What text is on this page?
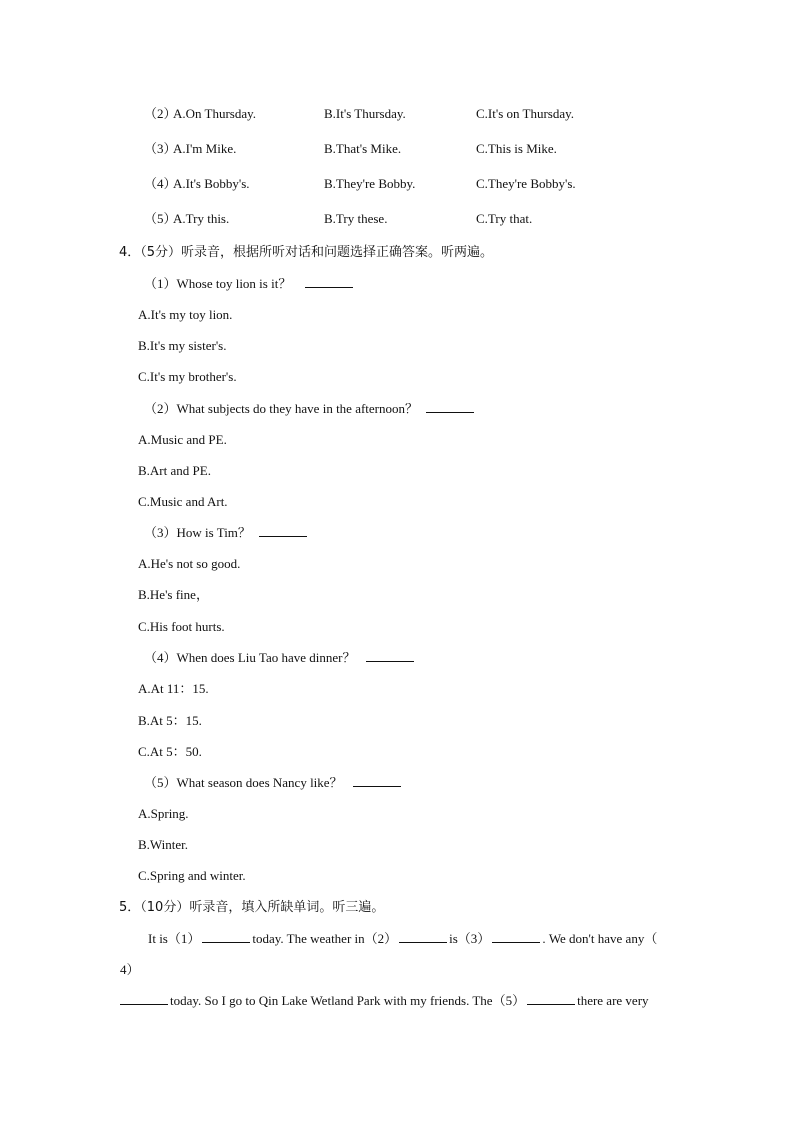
（2）
A.On Thursday.	B.It's Thursday.	C.It's on Thursday.
（3）
A.I'm Mike.	B.That's Mike.	C.This is Mike.
（4）
A.It's Bobby's.	B.They're Bobby.	C.They're Bobby's.
（5）
A.Try this.	B.Try these.	C.Try that.
4．（5分）听录音，根据所听对话和问题选择正确答案。听两遍。
（1）Whose toy lion is it？
A.It's my toy lion.
B.It's my sister's.
C.It's my brother's.
（2）What subjects do they have in the afternoon？
A.Music and PE.
B.Art and PE.
C.Music and Art.
（3）How is Tim？
A.He's not so good.
B.He's fine，
C.His foot hurts.
（4）When does Liu Tao have dinner？
A.At 11：15.
B.At 5：15.
C.At 5：50.
（5）What season does Nancy like？
A.Spring.
B.Winter.
C.Spring and winter.
5．（10分）听录音，填入所缺单词。听三遍。
It is（1）	today. The weather in（2）	is（3）	. We don't have any（
4）
today. So I go to Qin Lake Wetland Park with my friends. The（5）	there are very
